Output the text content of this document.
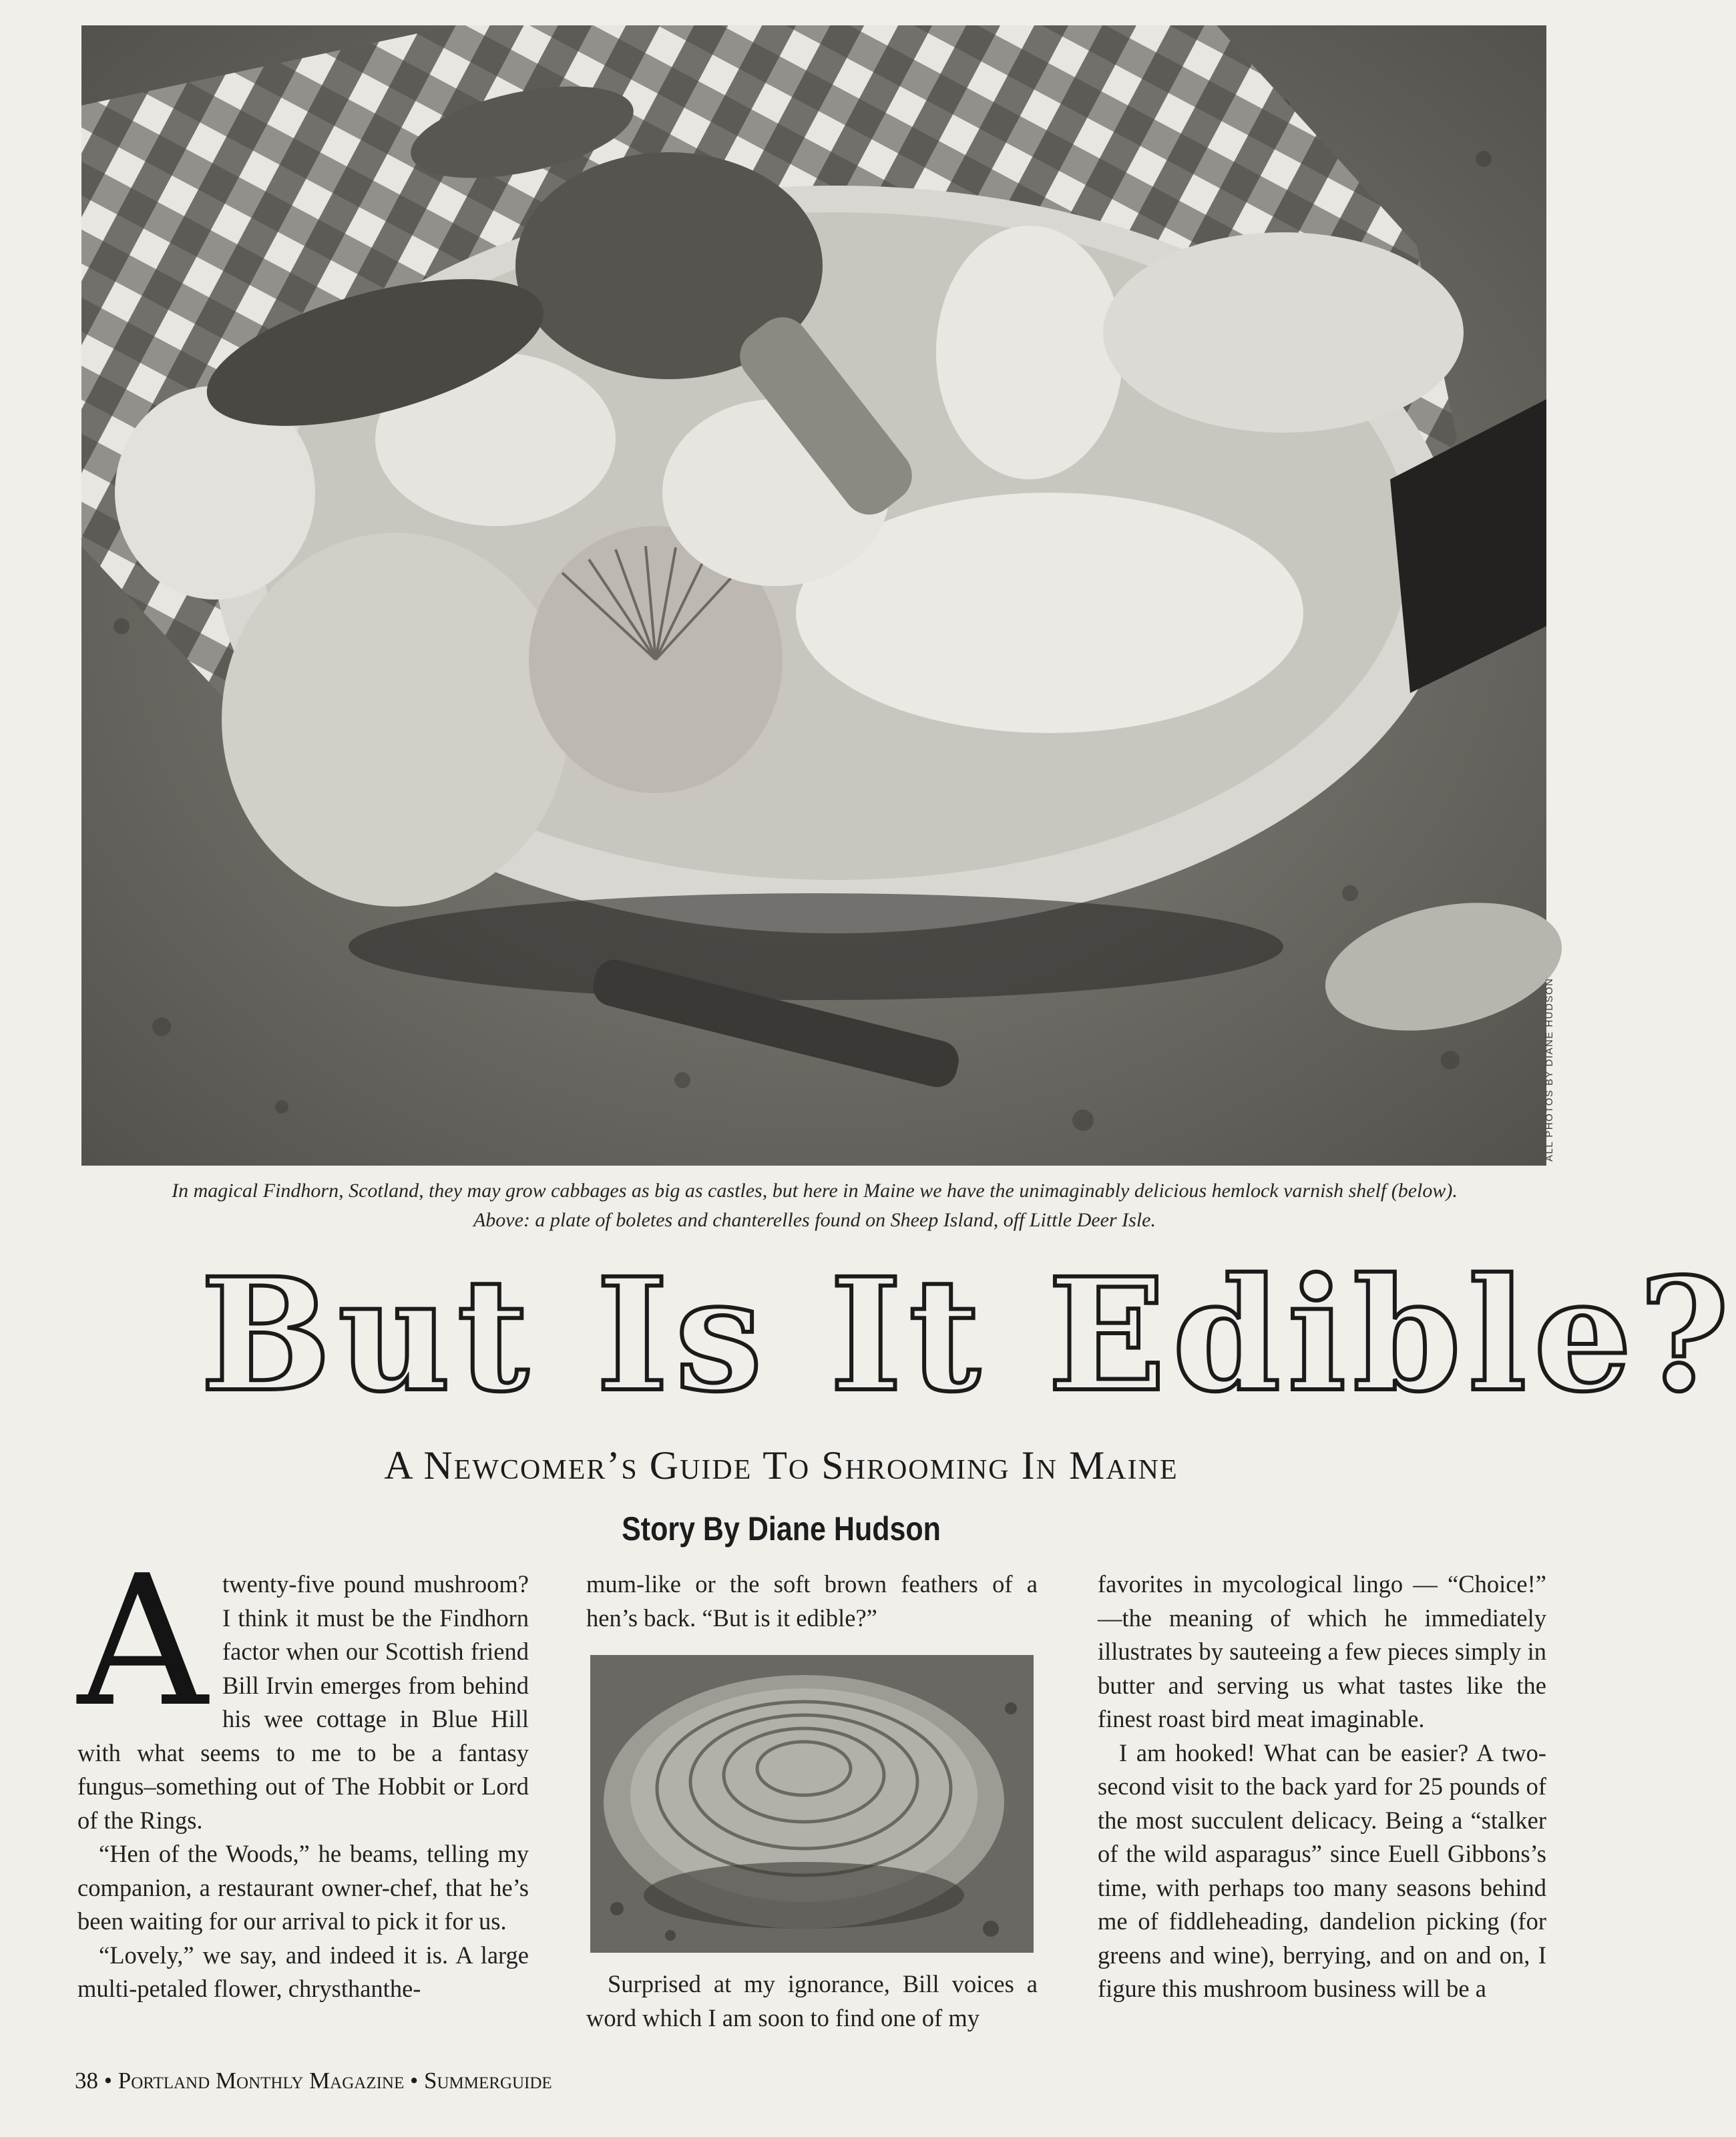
ALL PHOTOS BY DIANE HUDSON

In magical Findhorn, Scotland, they may grow cabbages as big as castles, but here in Maine we have the unimaginably delicious hemlock varnish shelf (below).

Above: a plate of boletes and chanterelles found on Sheep Island, off Little Deer Isle.

But Is It Edible?
A Newcomer’s Guide To Shrooming In Maine
Story By Diane Hudson

Atwenty-five pound mushroom? I think it must be the Findhorn factor when our Scottish friend Bill Irvin emerges from behind his wee cottage in Blue Hill with what seems to me to be a fantasy fungus–something out of The Hobbit or Lord of the Rings.

“Hen of the Woods,” he beams, telling my companion, a restaurant owner-chef, that he’s been waiting for our arrival to pick it for us.

“Lovely,” we say, and indeed it is. A large multi-petaled flower, chrysthanthe-

mum-like or the soft brown feathers of a hen’s back. “But is it edible?”

Surprised at my ignorance, Bill voices a word which I am soon to find one of my

favorites in mycological lingo — “Choice!” —the meaning of which he immediately illustrates by sauteeing a few pieces simply in butter and serving us what tastes like the finest roast bird meat imaginable.

I am hooked! What can be easier? A two-second visit to the back yard for 25 pounds of the most succulent delicacy. Being a “stalker of the wild asparagus” since Euell Gibbons’s time, with perhaps too many seasons behind me of fiddleheading, dandelion picking (for greens and wine), berrying, and on and on, I figure this mushroom business will be a

38 • Portland Monthly Magazine • Summerguide
